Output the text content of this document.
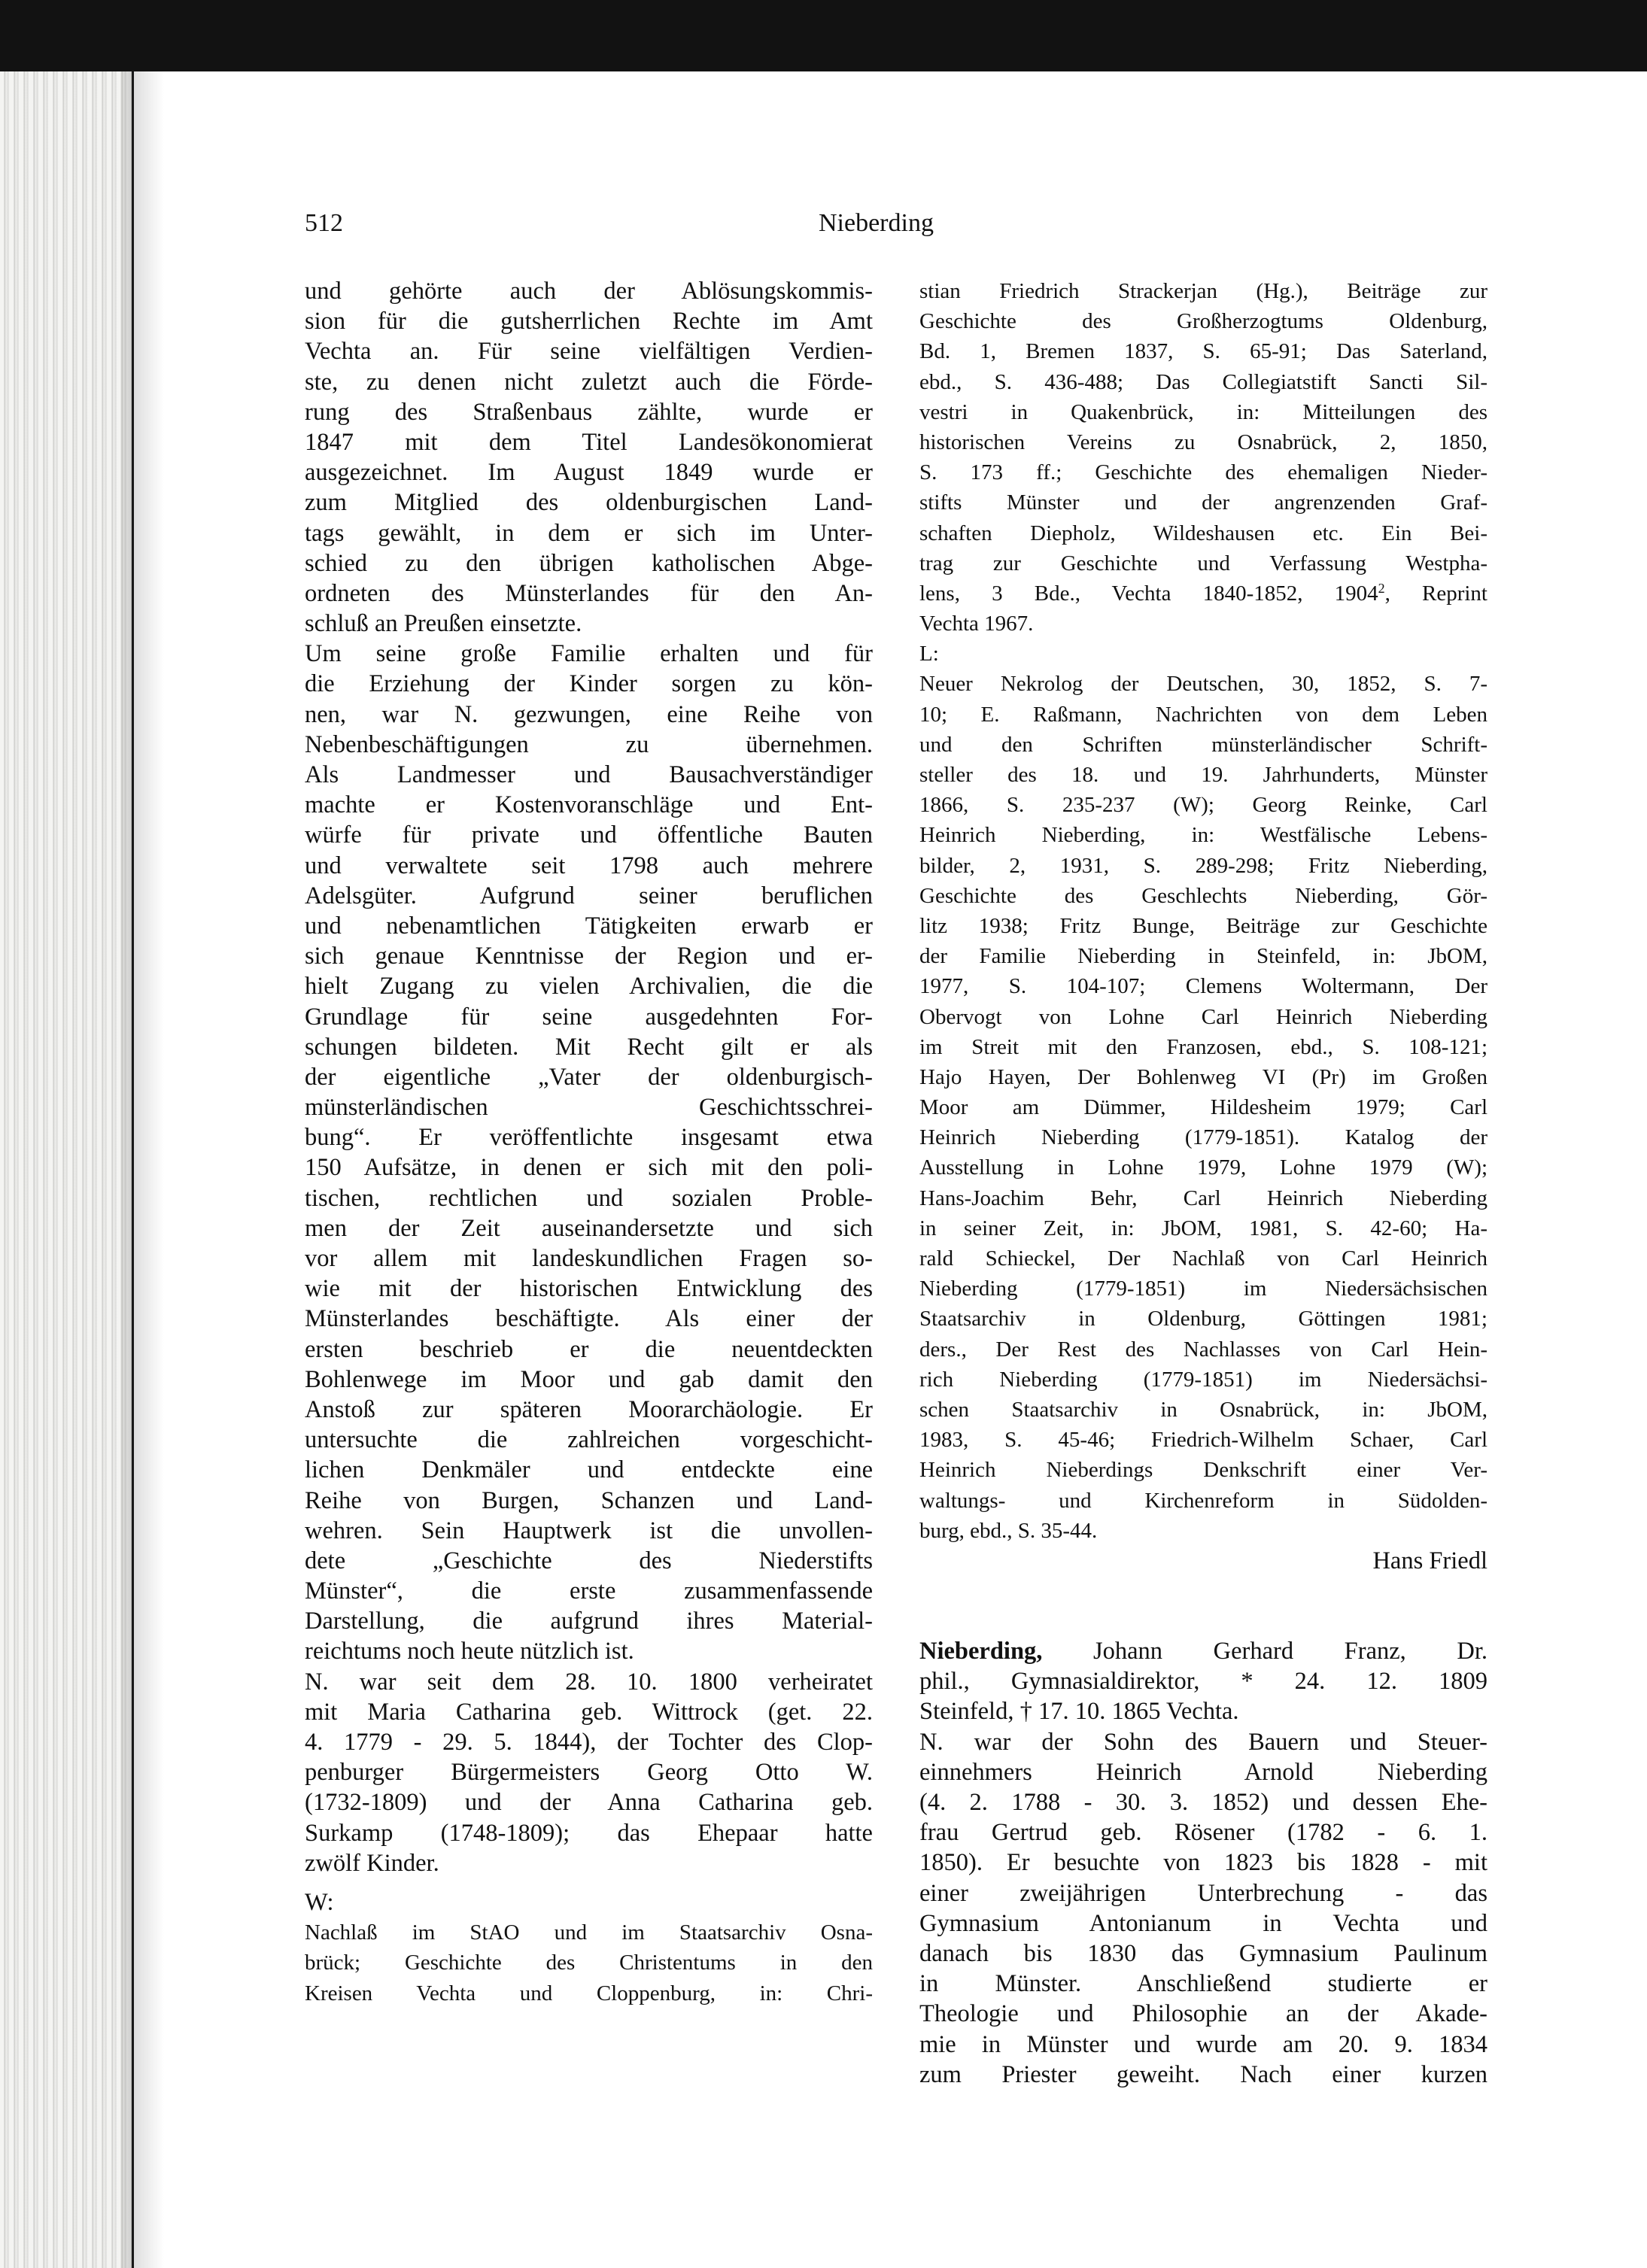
512	Nieberding
und gehörte auch der Ablösungskommis-
sion für die gutsherrlichen Rechte im Amt
Vechta an. Für seine vielfältigen Verdien-
ste, zu denen nicht zuletzt auch die Förde-
rung des Straßenbaus zählte, wurde er
1847 mit dem Titel Landesökonomierat
ausgezeichnet. Im August 1849 wurde er
zum Mitglied des oldenburgischen Land-
tags gewählt, in dem er sich im Unter-
schied zu den übrigen katholischen Abge-
ordneten des Münsterlandes für den An-
schluß an Preußen einsetzte.
Um seine große Familie erhalten und für
die Erziehung der Kinder sorgen zu kön-
nen, war N. gezwungen, eine Reihe von
Nebenbeschäftigungen zu übernehmen.
Als Landmesser und Bausachverständiger
machte er Kostenvoranschläge und Ent-
würfe für private und öffentliche Bauten
und verwaltete seit 1798 auch mehrere
Adelsgüter. Aufgrund seiner beruflichen
und nebenamtlichen Tätigkeiten erwarb er
sich genaue Kenntnisse der Region und er-
hielt Zugang zu vielen Archivalien, die die
Grundlage für seine ausgedehnten For-
schungen bildeten. Mit Recht gilt er als
der eigentliche „Vater der oldenburgisch-
münsterländischen Geschichtsschrei-
bung“. Er veröffentlichte insgesamt etwa
150 Aufsätze, in denen er sich mit den poli-
tischen, rechtlichen und sozialen Proble-
men der Zeit auseinandersetzte und sich
vor allem mit landeskundlichen Fragen so-
wie mit der historischen Entwicklung des
Münsterlandes beschäftigte. Als einer der
ersten beschrieb er die neuentdeckten
Bohlenwege im Moor und gab damit den
Anstoß zur späteren Moorarchäologie. Er
untersuchte die zahlreichen vorgeschicht-
lichen Denkmäler und entdeckte eine
Reihe von Burgen, Schanzen und Land-
wehren. Sein Hauptwerk ist die unvollen-
dete „Geschichte des Niederstifts
Münster“, die erste zusammenfassende
Darstellung, die aufgrund ihres Material-
reichtums noch heute nützlich ist.
N. war seit dem 28. 10. 1800 verheiratet
mit Maria Catharina geb. Wittrock (get. 22.
4. 1779 - 29. 5. 1844), der Tochter des Clop-
penburger Bürgermeisters Georg Otto W.
(1732-1809) und der Anna Catharina geb.
Surkamp (1748-1809); das Ehepaar hatte
zwölf Kinder.
W:
Nachlaß im StAO und im Staatsarchiv Osna-
brück; Geschichte des Christentums in den
Kreisen Vechta und Cloppenburg, in: Chri-
stian Friedrich Strackerjan (Hg.), Beiträge zur
Geschichte des Großherzogtums Oldenburg,
Bd. 1, Bremen 1837, S. 65-91; Das Saterland,
ebd., S. 436-488; Das Collegiatstift Sancti Sil-
vestri in Quakenbrück, in: Mitteilungen des
historischen Vereins zu Osnabrück, 2, 1850,
S. 173 ff.; Geschichte des ehemaligen Nieder-
stifts Münster und der angrenzenden Graf-
schaften Diepholz, Wildeshausen etc. Ein Bei-
trag zur Geschichte und Verfassung Westpha-
lens, 3 Bde., Vechta 1840-1852, 1904$^2$, Reprint
Vechta 1967.
L:
Neuer Nekrolog der Deutschen, 30, 1852, S. 7-
10; E. Raßmann, Nachrichten von dem Leben
und den Schriften münsterländischer Schrift-
steller des 18. und 19. Jahrhunderts, Münster
1866, S. 235-237 (W); Georg Reinke, Carl
Heinrich Nieberding, in: Westfälische Lebens-
bilder, 2, 1931, S. 289-298; Fritz Nieberding,
Geschichte des Geschlechts Nieberding, Gör-
litz 1938; Fritz Bunge, Beiträge zur Geschichte
der Familie Nieberding in Steinfeld, in: JbOM,
1977, S. 104-107; Clemens Woltermann, Der
Obervogt von Lohne Carl Heinrich Nieberding
im Streit mit den Franzosen, ebd., S. 108-121;
Hajo Hayen, Der Bohlenweg VI (Pr) im Großen
Moor am Dümmer, Hildesheim 1979; Carl
Heinrich Nieberding (1779-1851). Katalog der
Ausstellung in Lohne 1979, Lohne 1979 (W);
Hans-Joachim Behr, Carl Heinrich Nieberding
in seiner Zeit, in: JbOM, 1981, S. 42-60; Ha-
rald Schieckel, Der Nachlaß von Carl Heinrich
Nieberding (1779-1851) im Niedersächsischen
Staatsarchiv in Oldenburg, Göttingen 1981;
ders., Der Rest des Nachlasses von Carl Hein-
rich Nieberding (1779-1851) im Niedersächsi-
schen Staatsarchiv in Osnabrück, in: JbOM,
1983, S. 45-46; Friedrich-Wilhelm Schaer, Carl
Heinrich Nieberdings Denkschrift einer Ver-
waltungs- und Kirchenreform in Südolden-
burg, ebd., S. 35-44.
Hans Friedl
Nieberding, Johann Gerhard Franz, Dr.
phil., Gymnasialdirektor, * 24. 12. 1809
Steinfeld, † 17. 10. 1865 Vechta.
N. war der Sohn des Bauern und Steuer-
einnehmers Heinrich Arnold Nieberding
(4. 2. 1788 - 30. 3. 1852) und dessen Ehe-
frau Gertrud geb. Rösener (1782 - 6. 1.
1850). Er besuchte von 1823 bis 1828 - mit
einer zweijährigen Unterbrechung - das
Gymnasium Antonianum in Vechta und
danach bis 1830 das Gymnasium Paulinum
in Münster. Anschließend studierte er
Theologie und Philosophie an der Akade-
mie in Münster und wurde am 20. 9. 1834
zum Priester geweiht. Nach einer kurzen
